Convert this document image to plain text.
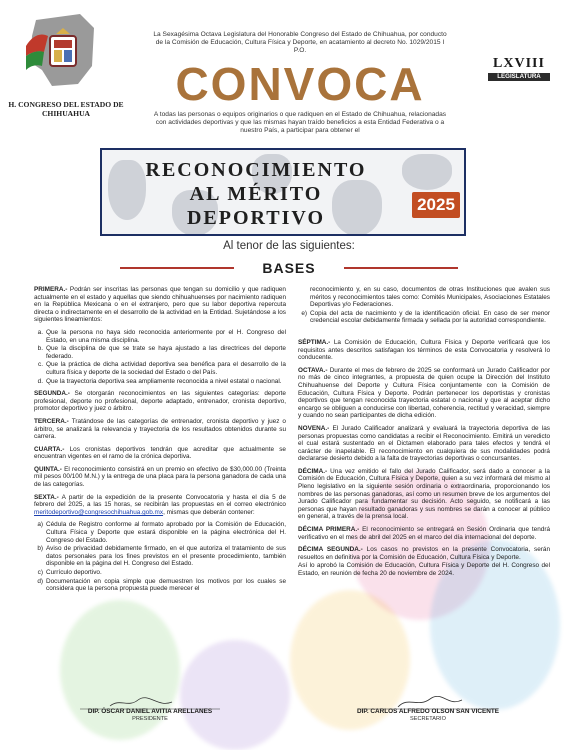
H. CONGRESO DEL ESTADO DE CHIHUAHUA
La Sexagésima Octava Legislatura del Honorable Congreso del Estado de Chihuahua, por conducto de la Comisión de Educación, Cultura Física y Deporte, en acatamiento al decreto No. 1029/2015 I P.O.
CONVOCA	LXVIII
LEGISLATURA
A todas las personas o equipos originarios o que radiquen en el Estado de Chihuahua, relacionadas con actividades deportivas y que las mismas hayan traído beneficios a esta Entidad Federativa o a nuestro País, a participar para obtener el
RECONOCIMIENTO
AL MÉRITO
DEPORTIVO
2025
Al tenor de las siguientes:
BASES

PRIMERA.- Podrán ser inscritas las personas que tengan su domicilio y que radiquen actualmente en el estado y aquellas que siendo chihuahuenses por nacimiento radiquen en la República Mexicana o en el extranjero, pero que su labor deportiva repercuta directa o indirectamente en el desarrollo de la actividad en la Entidad. Sujetándose a los siguientes lineamientos:

a. Que la persona no haya sido reconocida anteriormente por el H. Congreso del Estado, en una misma disciplina.
b. Que la disciplina de que se trate se haya ajustado a las directrices del deporte federado.
c. Que la práctica de dicha actividad deportiva sea benéfica para el desarrollo de la cultura física y deporte de la sociedad del Estado o del País.
d. Que la trayectoria deportiva sea ampliamente reconocida a nivel estatal o nacional.

SEGUNDA.- Se otorgarán reconocimientos en las siguientes categorías: deporte profesional, deporte no profesional, deporte adaptado, entrenador, cronista deportivo, promotor deportivo y juez o árbitro.

TERCERA.- Tratándose de las categorías de entrenador, cronista deportivo y juez o árbitro, se analizará la relevancia y trayectoria de los resultados obtenidos durante su carrera.

CUARTA.- Los cronistas deportivos tendrán que acreditar que actualmente se encuentran vigentes en el ramo de la crónica deportiva.

QUINTA.- El reconocimiento consistirá en un premio en efectivo de $30,000.00 (Treinta mil pesos 00/100 M.N.) y la entrega de una placa para la persona ganadora de cada una de las categorías.

SEXTA.- A partir de la expedición de la presente Convocatoria y hasta el día 5 de febrero del 2025, a las 15 horas, se recibirán las propuestas en el correo electrónico meritodeportivo@congresochihuahua.gob.mx, mismas que deberán contener:

a) Cédula de Registro conforme al formato aprobado por la Comisión de Educación, Cultura Física y Deporte que estará disponible en la página electrónica del H. Congreso del Estado.
b) Aviso de privacidad debidamente firmado, en el que autoriza el tratamiento de sus datos personales para los fines previstos en el presente procedimiento, también disponible en la página del H. Congreso del Estado.
c) Currículo deportivo.
d) Documentación en copia simple que demuestren los motivos por los cuales se considera que la persona propuesta puede merecer el
reconocimiento y, en su caso, documentos de otras Instituciones que avalen sus méritos y reconocimientos tales como: Comités Municipales, Asociaciones Estatales Deportivas y/o Federaciones.
e) Copia del acta de nacimiento y de la identificación oficial. En caso de ser menor credencial escolar debidamente firmada y sellada por la autoridad correspondiente.

SÉPTIMA.- La Comisión de Educación, Cultura Física y Deporte verificará que los requisitos antes descritos satisfagan los términos de esta Convocatoria y resolverá lo conducente.

OCTAVA.- Durante el mes de febrero de 2025 se conformará un Jurado Calificador por no más de cinco integrantes, a propuesta de quien ocupe la Dirección del Instituto Chihuahuense del Deporte y Cultura Física conjuntamente con la Comisión de Educación, Cultura Física y Deporte. Podrán pertenecer los deportistas y cronistas deportivos que tengan reconocida trayectoria estatal o nacional y que al aceptar dicho encargo se obliguen a conducirse con libertad, coherencia, rectitud y veracidad, siempre y cuando no sean participantes de dicha edición.

NOVENA.- El Jurado Calificador analizará y evaluará la trayectoria deportiva de las personas propuestas como candidatas a recibir el Reconocimiento. Emitirá un veredicto el cual estará sustentado en el Dictamen elaborado para tales efectos y tendrá el carácter de inapelable. El reconocimiento en cualquiera de sus modalidades podrá declararse desierto debido a la falta de trayectorias deportivas o concursantes.

DÉCIMA.- Una vez emitido el fallo del Jurado Calificador, será dado a conocer a la Comisión de Educación, Cultura Física y Deporte, quien a su vez informará del mismo al Pleno legislativo en la siguiente sesión ordinaria o extraordinaria, proporcionando los nombres de las personas ganadoras, así como un resumen breve de los argumentos del Jurado Calificador para fundamentar su decisión. Acto seguido, se notificará a las personas que hayan resultado ganadoras y sus nombres se darán a conocer al público en general, a través de la prensa local.

DÉCIMA PRIMERA.- El reconocimiento se entregará en Sesión Ordinaria que tendrá verificativo en el mes de abril del 2025 en el marco del día internacional del deporte.

DÉCIMA SEGUNDA.- Los casos no previstos en la presente Convocatoria, serán resueltos en definitiva por la Comisión de Educación, Cultura Física y Deporte.

Así lo aprobó la Comisión de Educación, Cultura Física y Deporte del H. Congreso del Estado, en reunión de fecha 20 de noviembre de 2024.

DIP. ÓSCAR DANIEL AVITIA ARELLANES
PRESIDENTE
DIP. CARLOS ALFREDO OLSON SAN VICENTE
SECRETARIO
